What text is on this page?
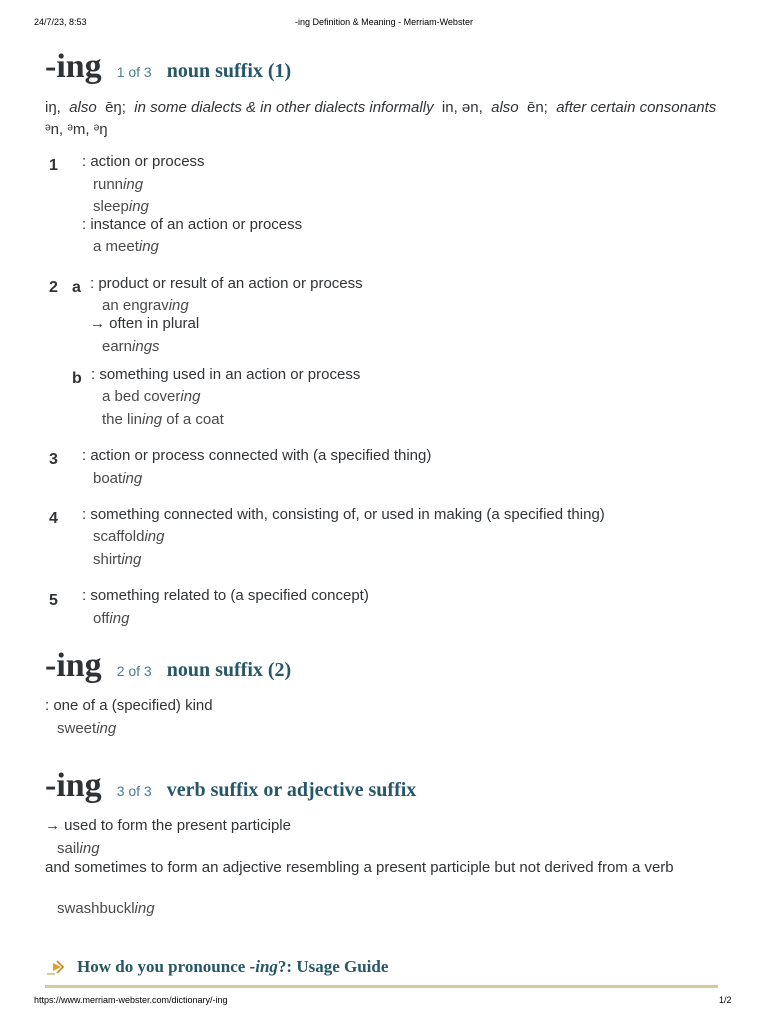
24/7/23, 8:53	-ing Definition & Meaning - Merriam-Webster
-ing 1 of 3 noun suffix (1)
iŋ, also ēŋ; in some dialects & in other dialects informally in, ən, also ēn; after certain consonants  ᵊn, ᵊm, ᵊŋ
1 : action or process
running
sleeping
: instance of an action or process
a meeting
2 a : product or result of an action or process
an engraving
→ often in plural
earnings
b : something used in an action or process
a bed covering
the lining of a coat
3 : action or process connected with (a specified thing)
boating
4 : something connected with, consisting of, or used in making (a specified thing)
scaffolding
shirting
5 : something related to (a specified concept)
offing
-ing 2 of 3 noun suffix (2)
: one of a (specified) kind
sweeting
-ing 3 of 3 verb suffix or adjective suffix
→ used to form the present participle
sailing
and sometimes to form an adjective resembling a present participle but not derived from a verb
swashbuckling
How do you pronounce -ing?: Usage Guide
https://www.merriam-webster.com/dictionary/-ing	1/2
